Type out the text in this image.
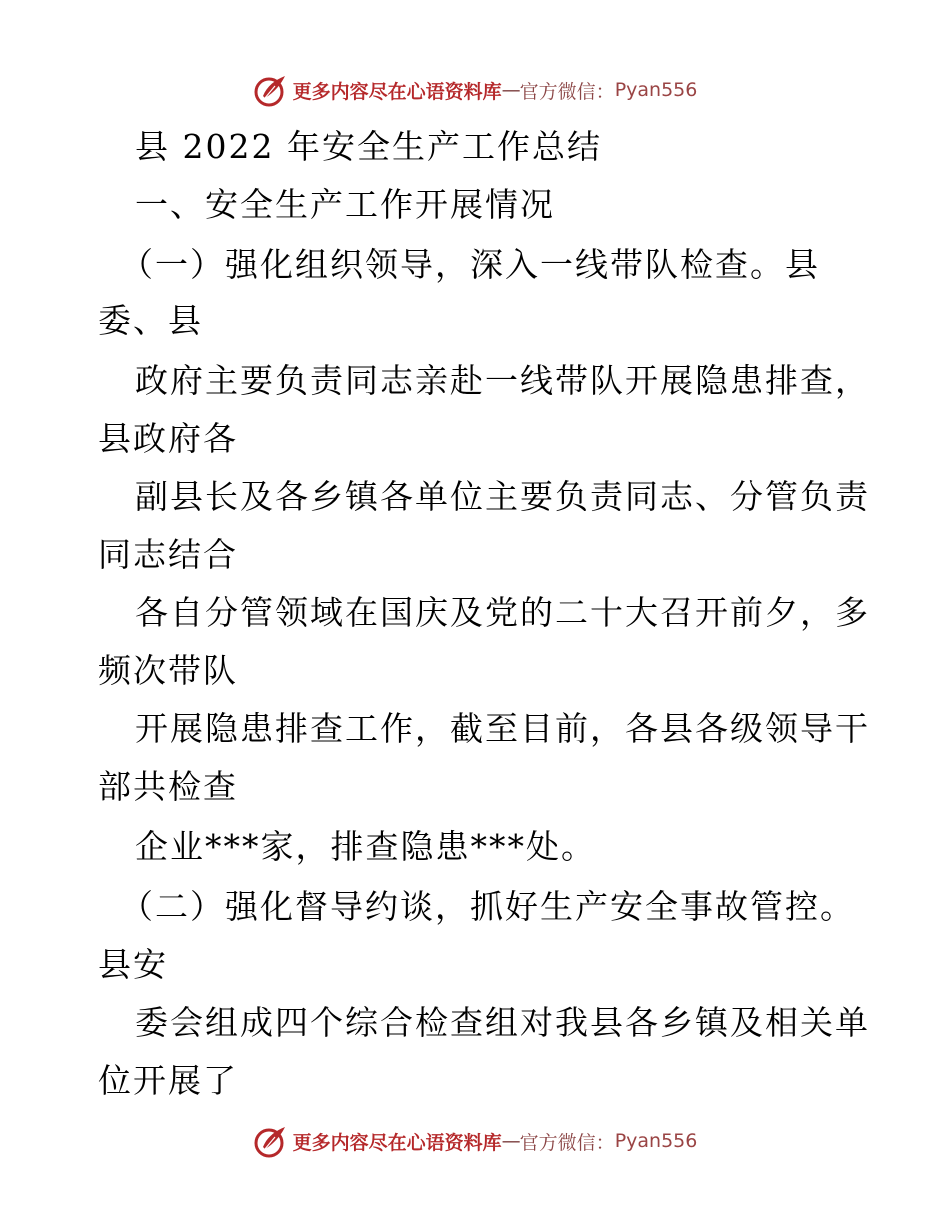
更多内容尽在心语资料库 — 官方微信： Pyan556
县 2022 年安全生产工作总结
一、安全生产工作开展情况
（一）强化组织领导，深入一线带队检查。县
委、县
政府主要负责同志亲赴一线带队开展隐患排查，
县政府各
副县长及各乡镇各单位主要负责同志、分管负责
同志结合
各自分管领域在国庆及党的二十大召开前夕，多
频次带队
开展隐患排查工作，截至目前，各县各级领导干
部共检查
企业***家，排查隐患***处。
（二）强化督导约谈，抓好生产安全事故管控。
县安
委会组成四个综合检查组对我县各乡镇及相关单
位开展了
更多内容尽在心语资料库 — 官方微信： Pyan556
